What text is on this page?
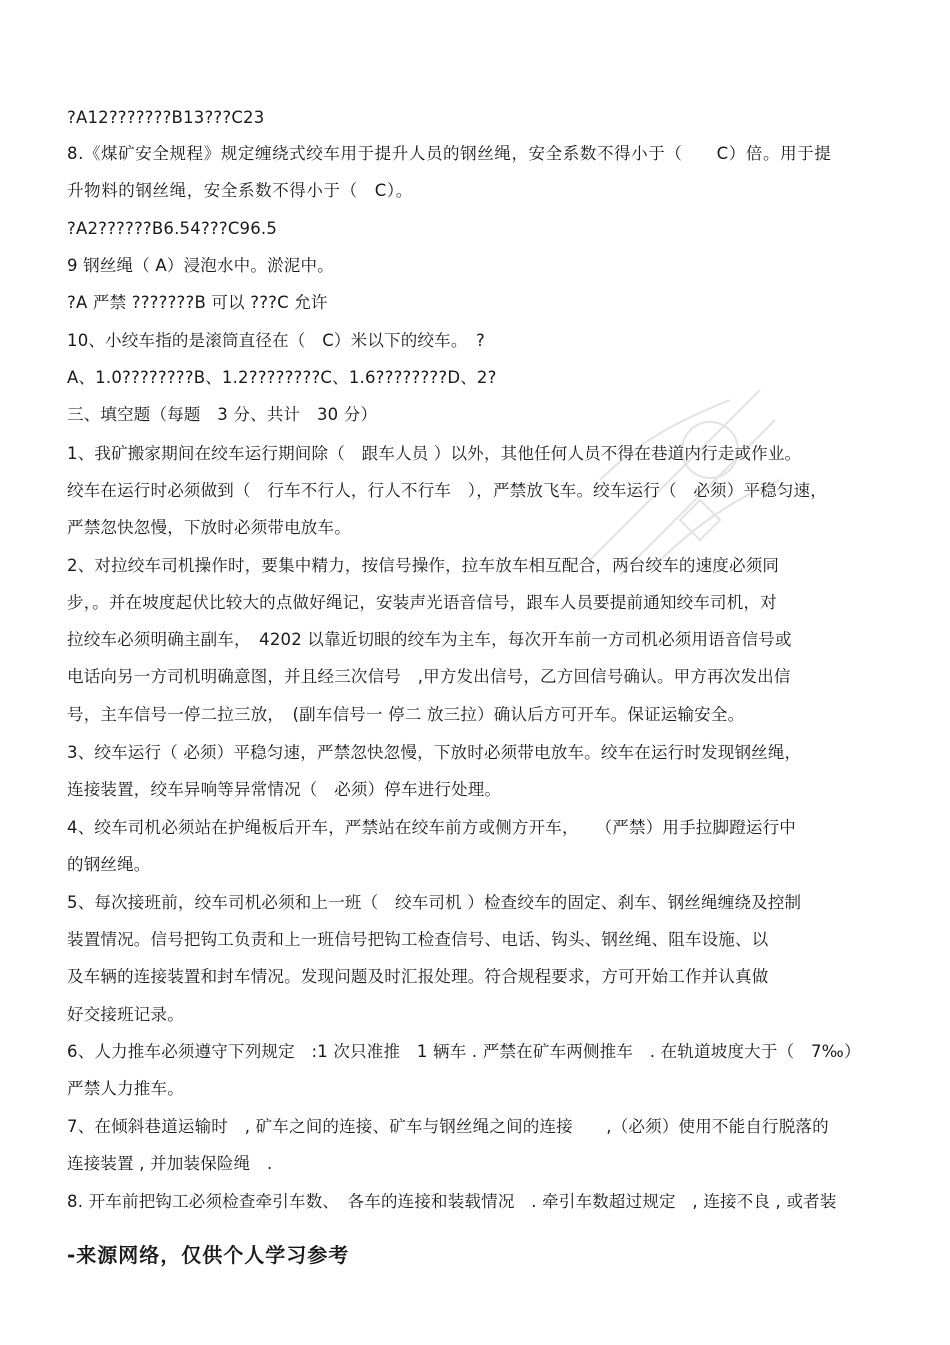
?A12???????B13???C23
8.《煤矿安全规程》规定缠绕式绞车用于提升人员的钢丝绳，安全系数不得小于（　　C）倍。用于提
升物料的钢丝绳，安全系数不得小于（　C）。
?A2??????B6.54???C96.5
9 钢丝绳（ A）浸泡水中。淤泥中。
?A 严禁 ???????B 可以 ???C 允许
10、小绞车指的是滚筒直径在（　C）米以下的绞车。　?
A、1.0????????B、1.2????????C、1.6????????D、2?
三、填空题（每题　3 分、共计　30 分）
1、我矿搬家期间在绞车运行期间除（　跟车人员 ）以外，其他任何人员不得在巷道内行走或作业。
绞车在运行时必须做到（　行车不行人，行人不行车　），严禁放飞车。绞车运行（　必须）平稳匀速，
严禁忽快忽慢，下放时必须带电放车。
2、对拉绞车司机操作时，要集中精力，按信号操作，拉车放车相互配合，两台绞车的速度必须同
步，。并在坡度起伏比较大的点做好绳记，安装声光语音信号，跟车人员要提前通知绞车司机，对
拉绞车必须明确主副车，　4202 以靠近切眼的绞车为主车，每次开车前一方司机必须用语音信号或
电话向另一方司机明确意图，并且经三次信号　,甲方发出信号，乙方回信号确认。甲方再次发出信
号，主车信号一停二拉三放，　(副车信号一 停二 放三拉）确认后方可开车。保证运输安全。
3、绞车运行（ 必须）平稳匀速，严禁忽快忽慢，下放时必须带电放车。绞车在运行时发现钢丝绳，
连接装置，绞车异响等异常情况（　必须）停车进行处理。
4、绞车司机必须站在护绳板后开车，严禁站在绞车前方或侧方开车，　　（严禁）用手拉脚蹬运行中
的钢丝绳。
5、每次接班前，绞车司机必须和上一班（　绞车司机 ）检查绞车的固定、刹车、钢丝绳缠绕及控制
装置情况。信号把钩工负责和上一班信号把钩工检查信号、电话、钩头、钢丝绳、阻车设施、以
及车辆的连接装置和封车情况。发现问题及时汇报处理。符合规程要求，方可开始工作并认真做
好交接班记录。
6、人力推车必须遵守下列规定　:1 次只准推　1 辆车 . 严禁在矿车两侧推车　. 在轨道坡度大于（　7‰）
严禁人力推车。
7、在倾斜巷道运输时　, 矿车之间的连接、矿车与钢丝绳之间的连接　　,（必须）使用不能自行脱落的
连接装置 , 并加装保险绳　.
8. 开车前把钩工必须检查牵引车数、　各车的连接和装载情况　. 牵引车数超过规定　, 连接不良 , 或者装
-来源网络，仅供个人学习参考
